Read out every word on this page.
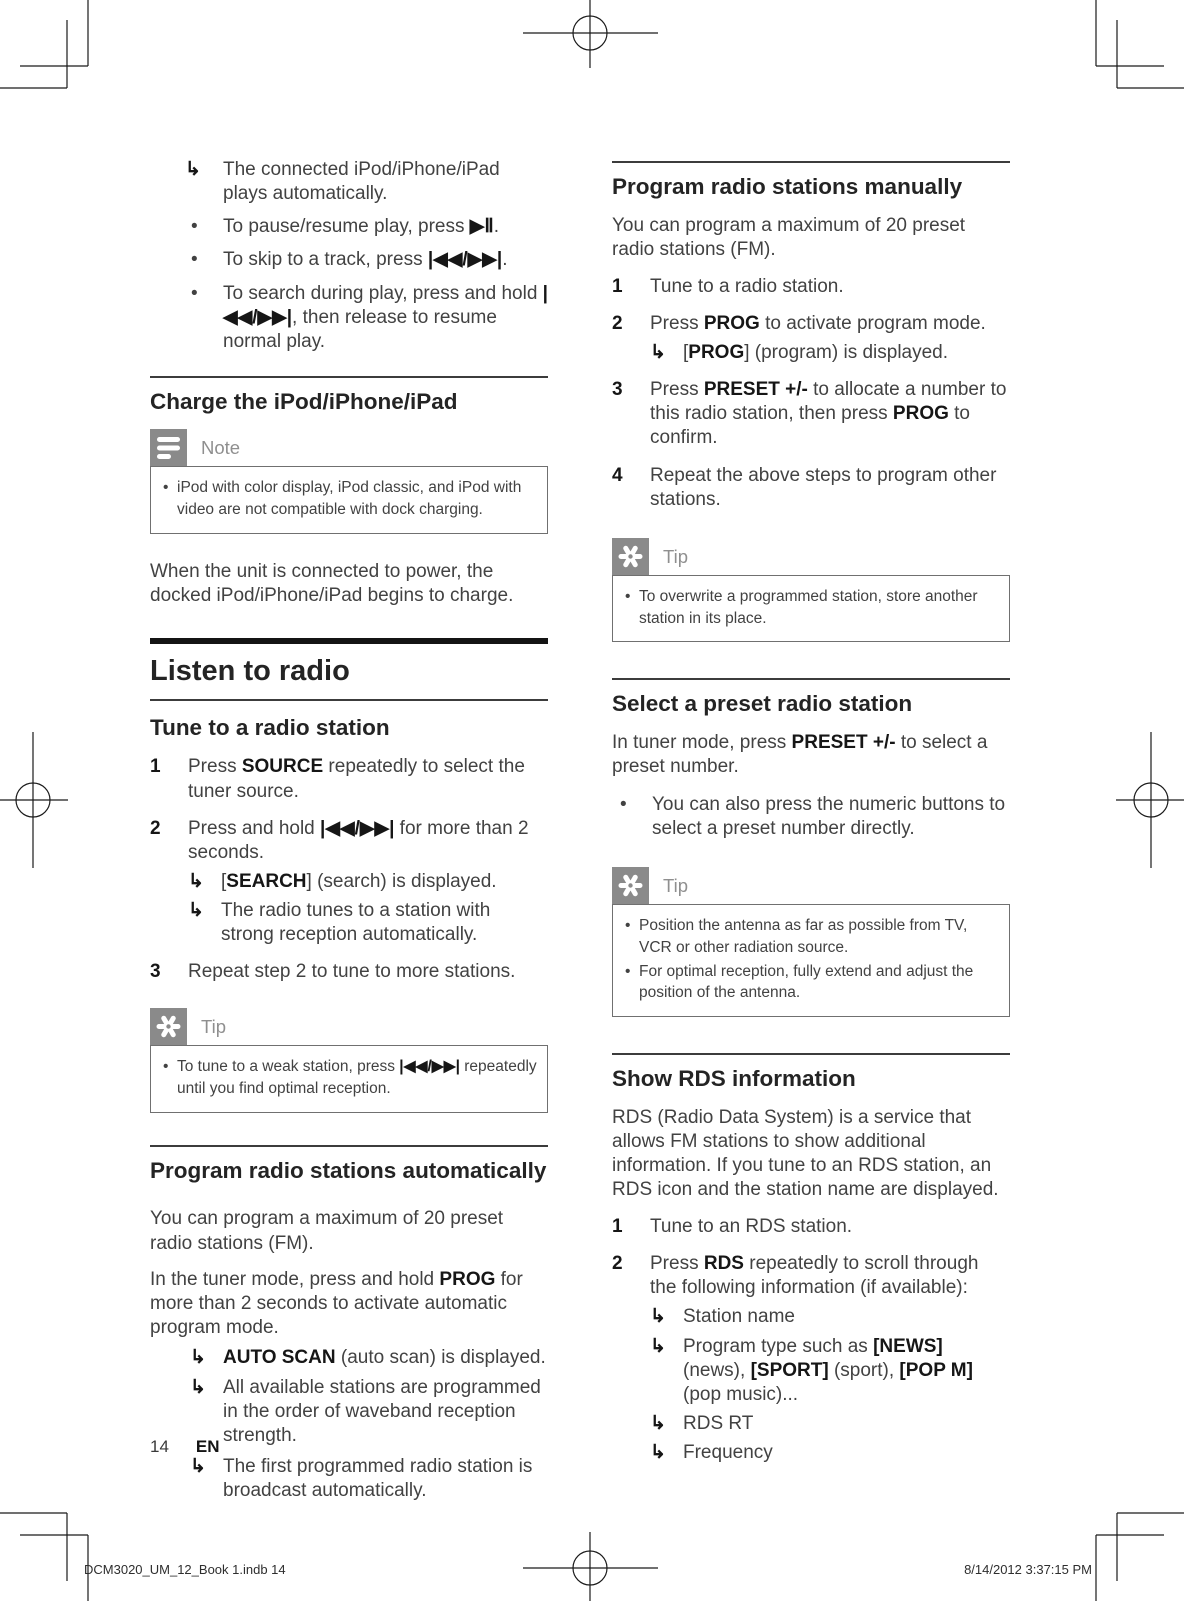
↳	The connected iPod/iPhone/iPad plays automatically.
•	To pause/resume play, press ▶Ⅱ.
•	To skip to a track, press |◀◀/▶▶|.
•	To search during play, press and hold |◀◀/▶▶|, then release to resume normal play.
Charge the iPod/iPhone/iPad
Note
• iPod with color display, iPod classic, and iPod with video are not compatible with dock charging.
When the unit is connected to power, the docked iPod/iPhone/iPad begins to charge.
Listen to radio
Tune to a radio station
1	Press SOURCE repeatedly to select the tuner source.
2	Press and hold |◀◀/▶▶| for more than 2 seconds.
↳ [SEARCH] (search) is displayed.
↳ The radio tunes to a station with strong reception automatically.
3	Repeat step 2 to tune to more stations.
Tip
• To tune to a weak station, press |◀◀/▶▶| repeatedly until you find optimal reception.
Program radio stations automatically
You can program a maximum of 20 preset radio stations (FM).
In the tuner mode, press and hold PROG for more than 2 seconds to activate automatic program mode.
↳ AUTO SCAN (auto scan) is displayed.
↳ All available stations are programmed in the order of waveband reception strength.
↳ The first programmed radio station is broadcast automatically.
Program radio stations manually
You can program a maximum of 20 preset radio stations (FM).
1	Tune to a radio station.
2	Press PROG to activate program mode.
↳ [PROG] (program) is displayed.
3	Press PRESET +/- to allocate a number to this radio station, then press PROG to confirm.
4	Repeat the above steps to program other stations.
Tip
• To overwrite a programmed station, store another station in its place.
Select a preset radio station
In tuner mode, press PRESET +/- to select a preset number.
•	You can also press the numeric buttons to select a preset number directly.
Tip
• Position the antenna as far as possible from TV, VCR or other radiation source.
• For optimal reception, fully extend and adjust the position of the antenna.
Show RDS information
RDS (Radio Data System) is a service that allows FM stations to show additional information. If you tune to an RDS station, an RDS icon and the station name are displayed.
1	Tune to an RDS station.
2	Press RDS repeatedly to scroll through the following information (if available):
↳ Station name
↳ Program type such as [NEWS] (news), [SPORT] (sport), [POP M] (pop music)...
↳ RDS RT
↳ Frequency
14 EN
DCM3020_UM_12_Book 1.indb 14	8/14/2012 3:37:15 PM
